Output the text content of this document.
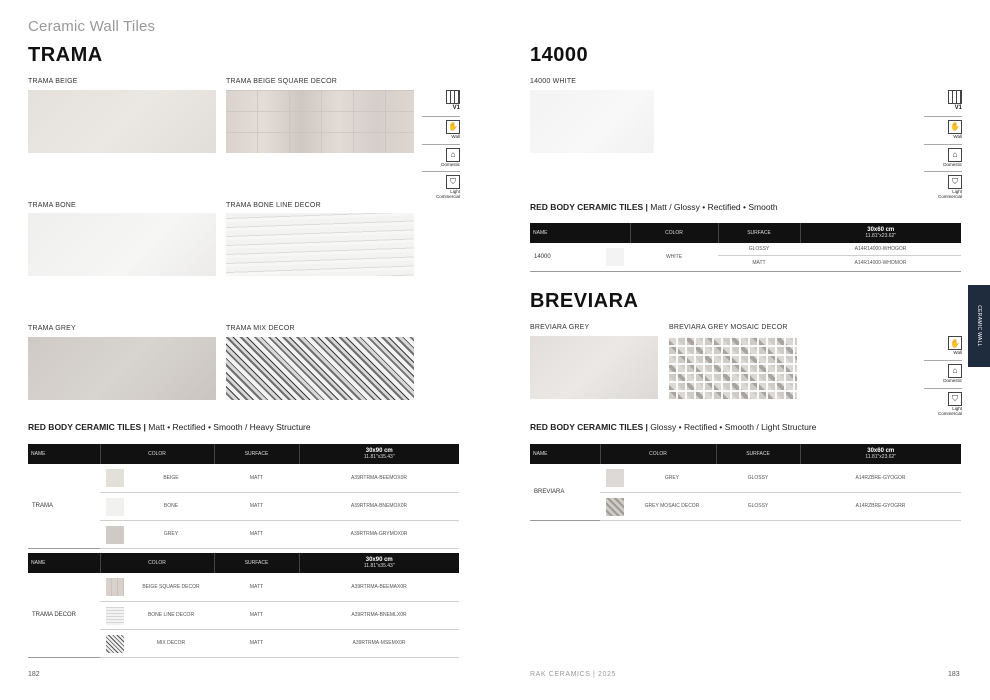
Ceramic Wall Tiles
TRAMA
TRAMA BEIGE	TRAMA BEIGE SQUARE DECOR
TRAMA BONE	TRAMA BONE LINE DECOR
TRAMA GREY	TRAMA MIX DECOR
V1
✋
Wall
⌂
Domestic
⛉
Light Commercial
RED BODY CERAMIC TILES | Matt • Rectified • Smooth / Heavy Structure
NAME	COLOR	SURFACE	30x90 cm
11.81"x35.43"
TRAMA	BEIGE	MATT	A39RTRMA-BEEMOX0R

BONE	MATT	A39RTRMA-BNEMOX0R

GREY	MATT	A39RTRMA-GRYMOX0R
NAME	COLOR	SURFACE	30x90 cm
11.81"x35.43"
TRAMA DECOR	BEIGE SQUARE DECOR	MATT	A39RTRMA-BEEMAX0R

BONE LINE DECOR	MATT	A39RTRMA-BNEMLX0R

MIX DECOR	MATT	A39RTRMA-MSEMX0R
182
14000
14000 WHITE
V1
✋
Wall
⌂
Domestic
⛉
Light Commercial
RED BODY CERAMIC TILES | Matt / Glossy • Rectified • Smooth
NAME	COLOR	SURFACE	30x60 cm
11.81"x23.62"
14000	WHITE	GLOSSY	A14R14000-WHOGOR
		MATT	A14R14000-WHOMOR
BREVIARA
BREVIARA GREY	BREVIARA GREY MOSAIC DECOR
✋
Wall
⌂
Domestic
⛉
Light Commercial
RED BODY CERAMIC TILES | Glossy • Rectified • Smooth / Light Structure
NAME	COLOR	SURFACE	30x60 cm
11.81"x23.62"
BREVIARA	GREY	GLOSSY	A14RZBRE-GYOGOR

GREY MOSAIC DECOR	GLOSSY	A14RZBRE-GYOGRR
CERAMIC WALL
RAK CERAMICS | 2025	183
